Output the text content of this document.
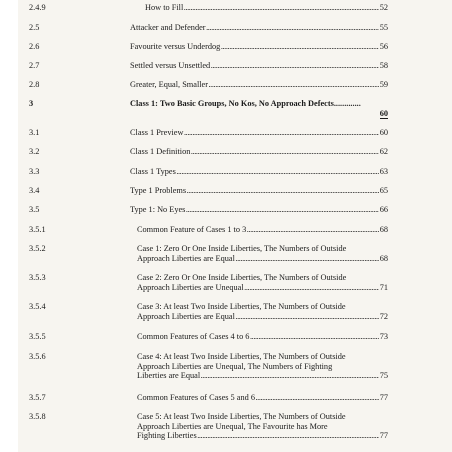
2.4.9	How to Fill .....	52
2.5	Attacker and Defender .....	55
2.6	Favourite versus Underdog .....	56
2.7	Settled versus Unsettled .....	58
2.8	Greater, Equal, Smaller .....	59
3	Class 1: Two Basic Groups, No Kos, No Approach Defects.............
60
3.1	Class 1 Preview .....	60
3.2	Class 1 Definition .....	62
3.3	Class 1 Types .....	63
3.4	Type 1 Problems .....	65
3.5	Type 1: No Eyes .....	66
3.5.1	Common Feature of Cases 1 to 3 .....	68
3.5.2	Case 1: Zero Or One Inside Liberties, The Numbers of Outside
Approach Liberties are Equal .....	68
3.5.3	Case 2: Zero Or One Inside Liberties, The Numbers of Outside
Approach Liberties are Unequal .....	71
3.5.4	Case 3: At least Two Inside Liberties, The Numbers of Outside
Approach Liberties are Equal .....	72
3.5.5	Common Features of Cases 4 to 6 .....	73
3.5.6	Case 4: At least Two Inside Liberties, The Numbers of Outside
Approach Liberties are Unequal, The Numbers of Fighting
Liberties are Equal .....	75
3.5.7	Common Features of Cases 5 and 6 .....	77
3.5.8	Case 5: At least Two Inside Liberties, The Numbers of Outside
Approach Liberties are Unequal, The Favourite has More
Fighting Liberties .....	77
